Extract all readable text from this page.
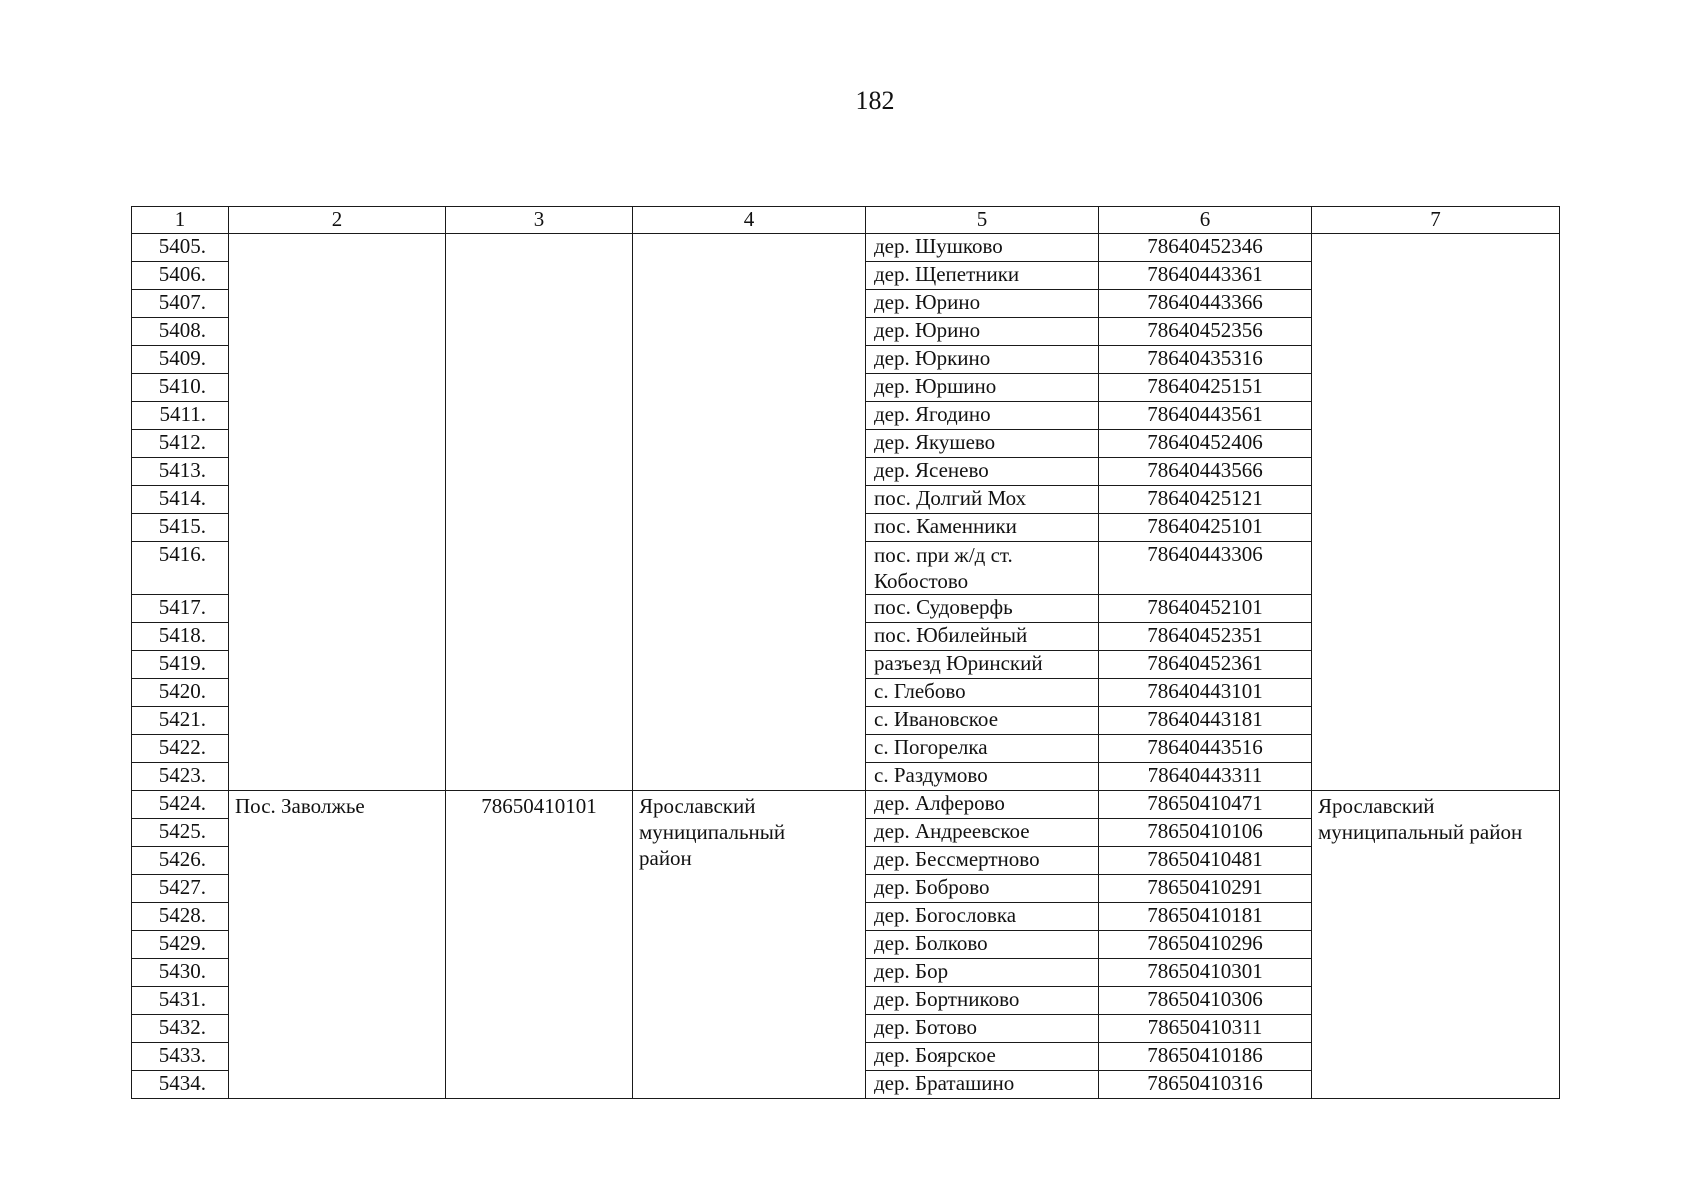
182
1	2	3	4	5	6	7
5405.				дер. Шушково	78640452346	
5406.				дер. Щепетники	78640443361	
5407.				дер. Юрино	78640443366	
5408.				дер. Юрино	78640452356	
5409.				дер. Юркино	78640435316	
5410.				дер. Юршино	78640425151	
5411.				дер. Ягодино	78640443561	
5412.				дер. Якушево	78640452406	
5413.				дер. Ясенево	78640443566	
5414.				пос. Долгий Мох	78640425121	
5415.				пос. Каменники	78640425101	
5416.				пос. при ж/д ст. Кобостово	78640443306	
5417.				пос. Судоверфь	78640452101	
5418.				пос. Юбилейный	78640452351	
5419.				разъезд Юринский	78640452361	
5420.				с. Глебово	78640443101	
5421.				с. Ивановское	78640443181	
5422.				с. Погорелка	78640443516	
5423.				с. Раздумово	78640443311	
5424.	Пос. Заволжье	78650410101	Ярославский муниципальный район	дер. Алферово	78650410471	Ярославский муниципальный район
5425.				дер. Андреевское	78650410106	
5426.				дер. Бессмертново	78650410481	
5427.				дер. Боброво	78650410291	
5428.				дер. Богословка	78650410181	
5429.				дер. Болково	78650410296	
5430.				дер. Бор	78650410301	
5431.				дер. Бортниково	78650410306	
5432.				дер. Ботово	78650410311	
5433.				дер. Боярское	78650410186	
5434.				дер. Браташино	78650410316	
